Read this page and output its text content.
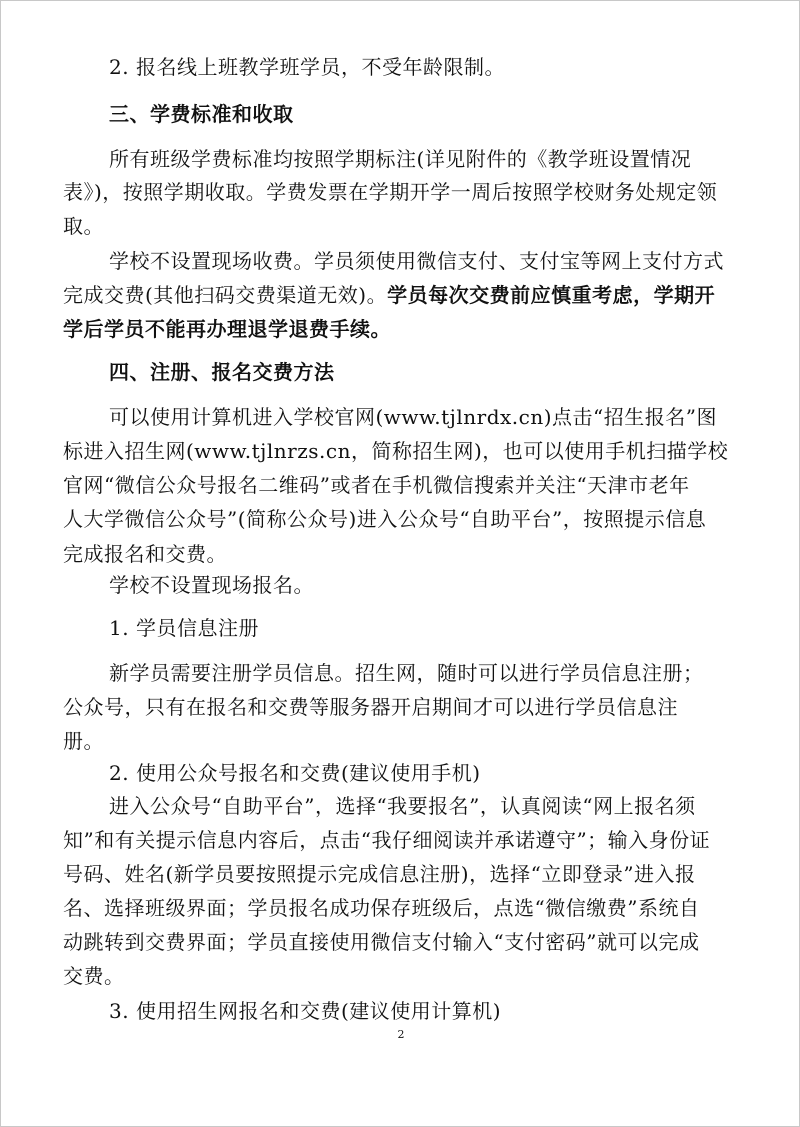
2. 报名线上班教学班学员，不受年龄限制。
三、学费标准和收取
所有班级学费标准均按照学期标注(详见附件的《教学班设置情况
表》)，按照学期收取。学费发票在学期开学一周后按照学校财务处规定领
取。
学校不设置现场收费。学员须使用微信支付、支付宝等网上支付方式
完成交费(其他扫码交费渠道无效)。学员每次交费前应慎重考虑，学期开
学后学员不能再办理退学退费手续。
四、注册、报名交费方法
可以使用计算机进入学校官网(www.tjlnrdx.cn)点击“招生报名”图
标进入招生网(www.tjlnrzs.cn，简称招生网)，也可以使用手机扫描学校
官网“微信公众号报名二维码”或者在手机微信搜索并关注“天津市老年
人大学微信公众号”(简称公众号)进入公众号“自助平台”，按照提示信息
完成报名和交费。
学校不设置现场报名。
1. 学员信息注册
新学员需要注册学员信息。招生网，随时可以进行学员信息注册；
公众号，只有在报名和交费等服务器开启期间才可以进行学员信息注
册。
2. 使用公众号报名和交费(建议使用手机)
进入公众号“自助平台”，选择“我要报名”，认真阅读“网上报名须
知”和有关提示信息内容后，点击“我仔细阅读并承诺遵守”；输入身份证
号码、姓名(新学员要按照提示完成信息注册)，选择“立即登录”进入报
名、选择班级界面；学员报名成功保存班级后，点选“微信缴费”系统自
动跳转到交费界面；学员直接使用微信支付输入“支付密码”就可以完成
交费。
3. 使用招生网报名和交费(建议使用计算机)
2
